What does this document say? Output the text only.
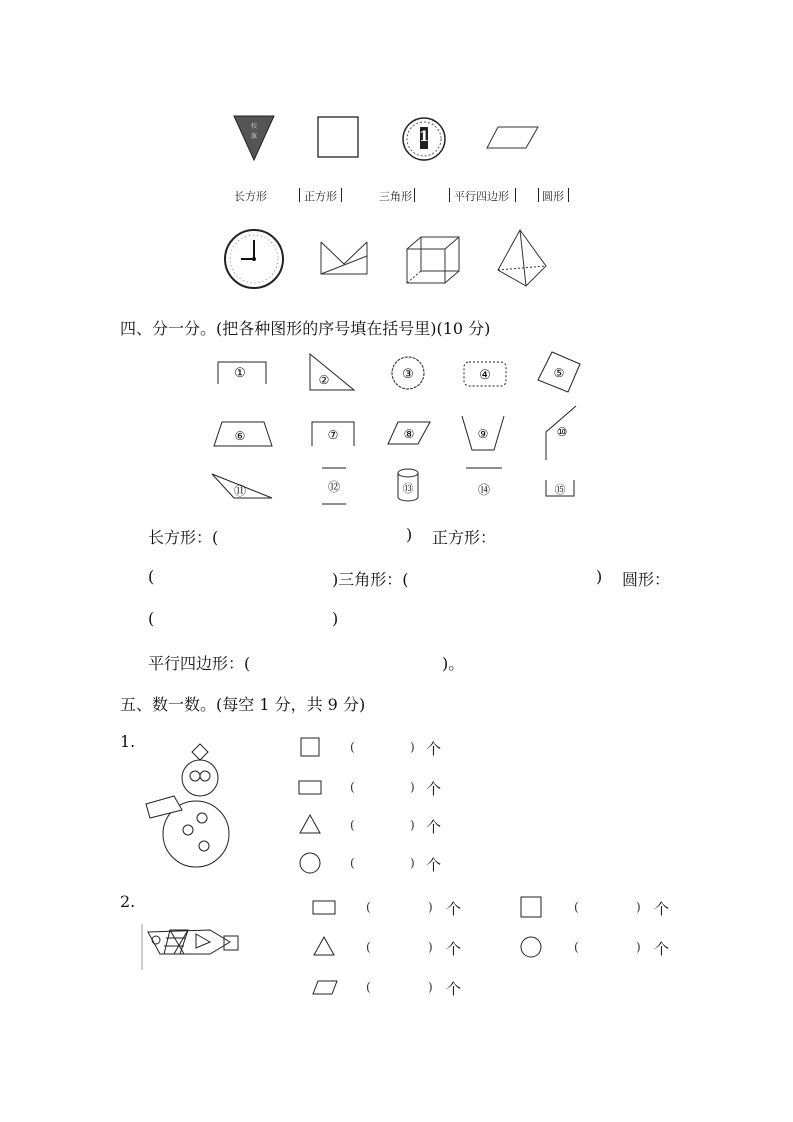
校
旗	1
长方形	正方形	三角形	平行四边形	圆形
四、分一分。(把各种图形的序号填在括号里)(10 分)
①	②	③	④	⑤
⑥	⑦	⑧	⑨	⑩
⑪	⑫	⑬	⑭	⑮
长方形：(	) 正方形：
(	)三角形：(	) 圆形：
(	)
平行四边形：(	)。
五、数一数。(每空 1 分，共 9 分)
1.	(	) 个
(	) 个
(	) 个
(	) 个
2.	(	) 个	(	) 个
(	) 个	(	) 个
(	) 个
